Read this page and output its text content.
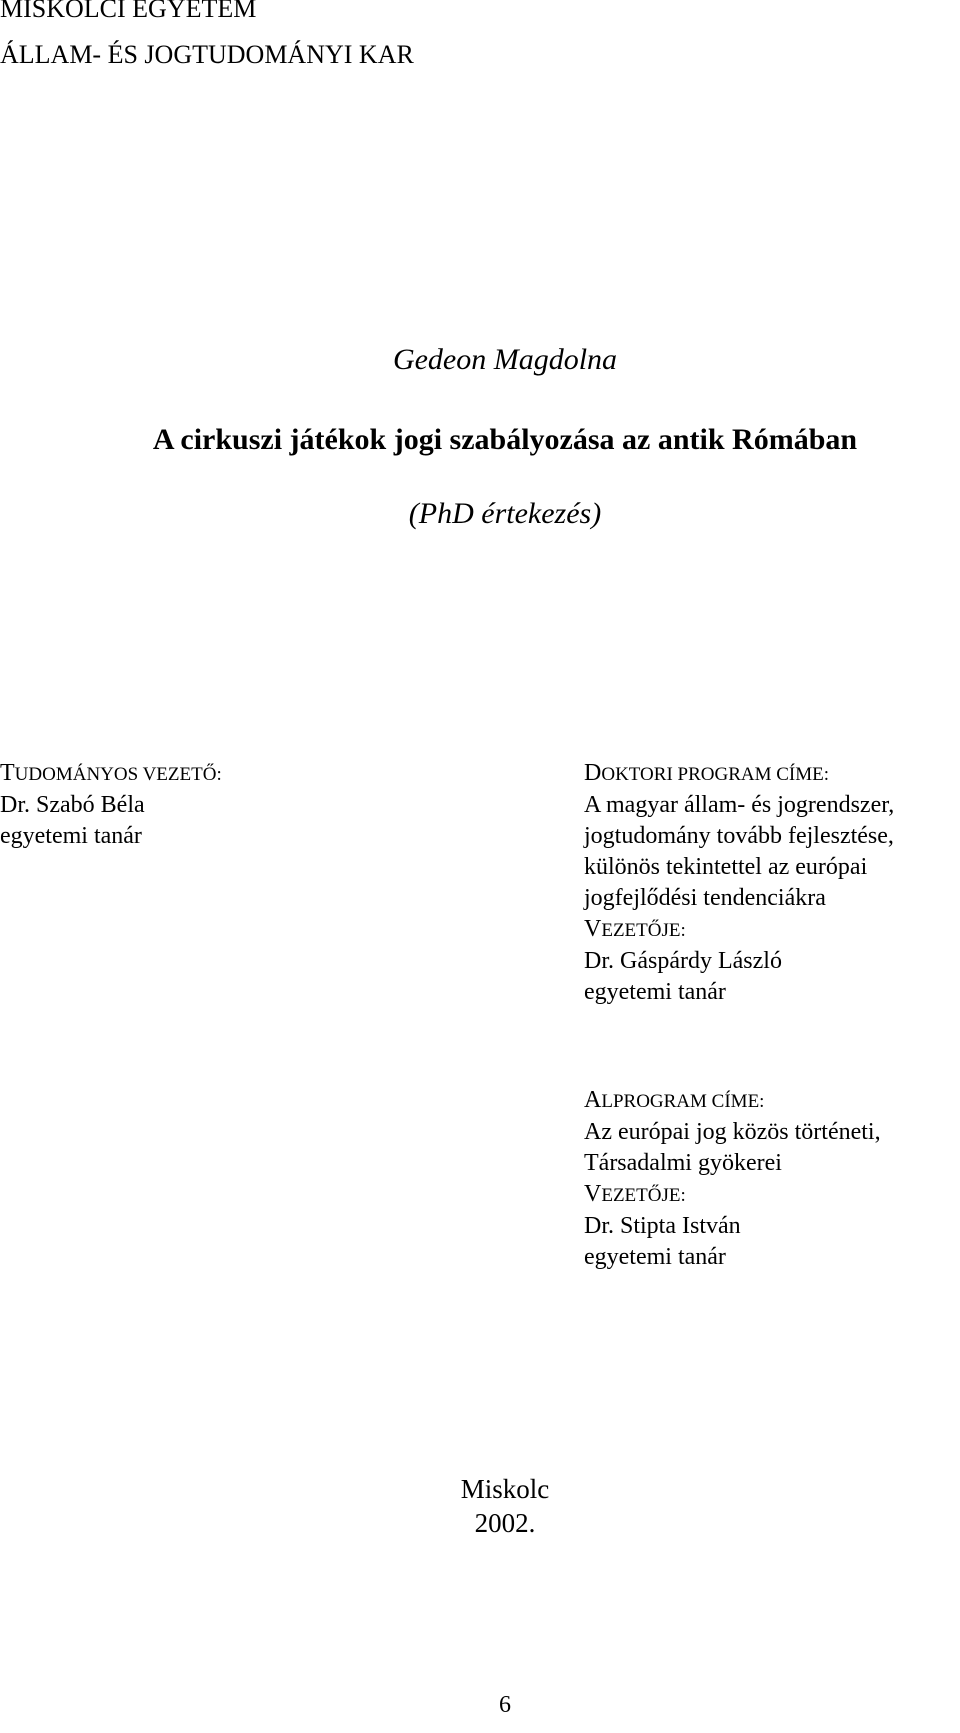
MISKOLCI EGYETEM
ÁLLAM- ÉS JOGTUDOMÁNYI KAR
Gedeon Magdolna
A cirkuszi játékok jogi szabályozása az antik Rómában
(PhD értekezés)
TUDOMÁNYOS VEZETŐ:
Dr. Szabó Béla
egyetemi tanár
DOKTORI PROGRAM CÍME:
A magyar állam- és jogrendszer,
jogtudomány tovább fejlesztése,
különös tekintettel az európai
jogfejlődési tendenciákra
VEZETŐJE:
Dr. Gáspárdy László
egyetemi tanár
ALPROGRAM CÍME:
Az európai jog közös történeti,
Társadalmi gyökerei
VEZETŐJE:
Dr. Stipta István
egyetemi tanár
Miskolc
2002.
6
